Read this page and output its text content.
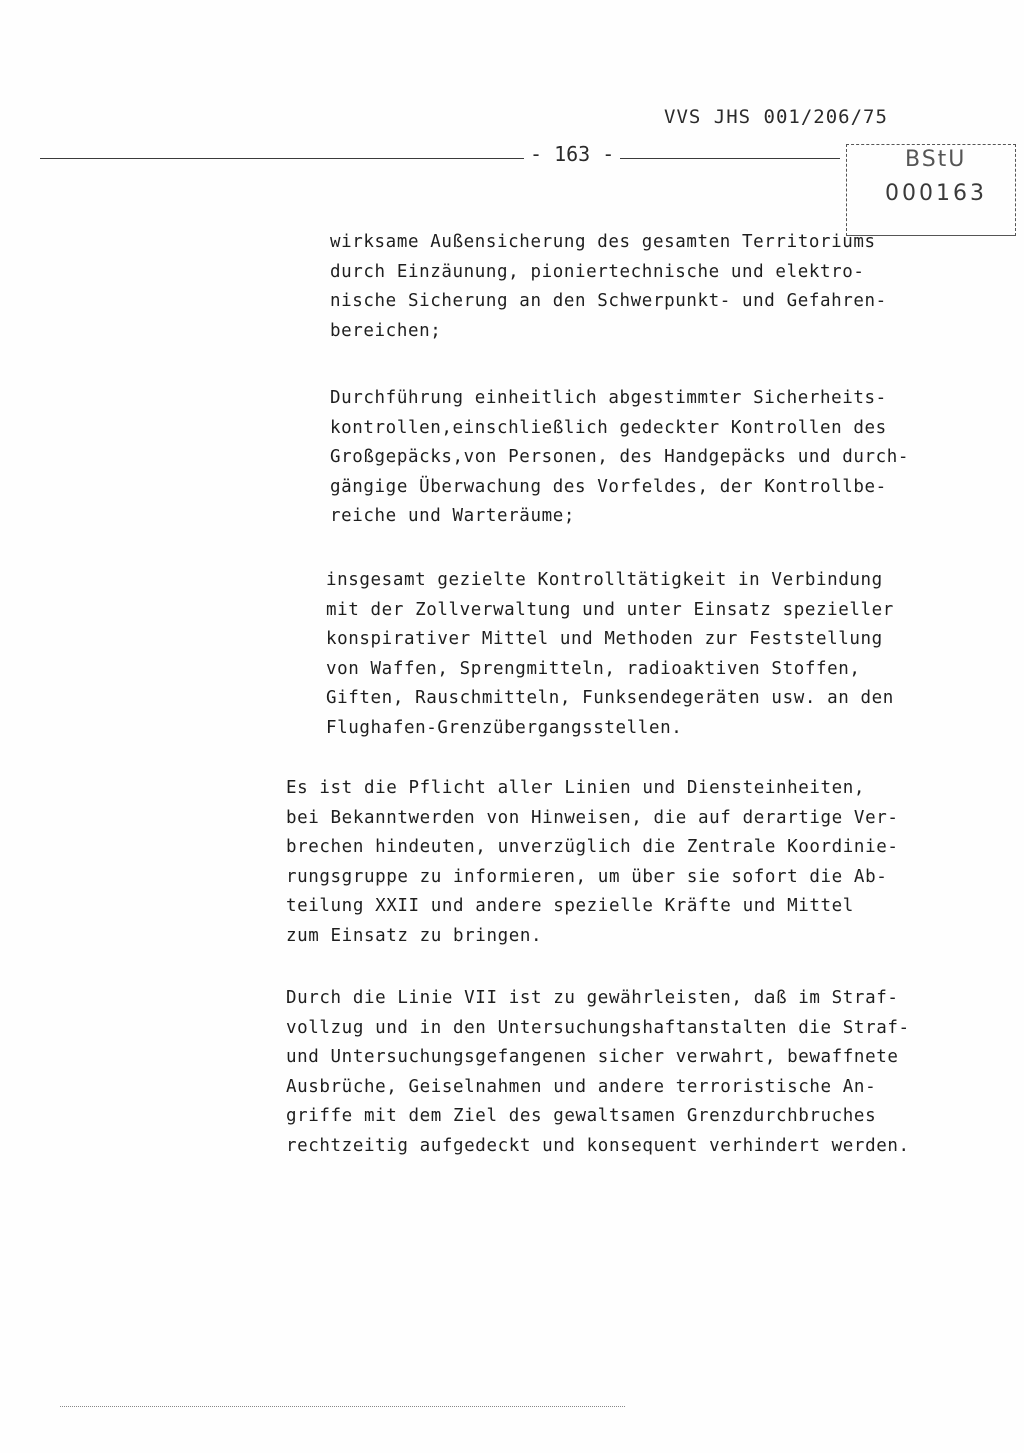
VVS JHS 001/206/75
- 163 -	BStU
000163
wirksame Außensicherung des gesamten Territoriums
durch Einzäunung, pioniertechnische und elektro-
nische Sicherung an den Schwerpunkt- und Gefahren-
bereichen;
Durchführung einheitlich abgestimmter Sicherheits-
kontrollen,einschließlich gedeckter Kontrollen des
Großgepäcks,von Personen, des Handgepäcks und durch-
gängige Überwachung des Vorfeldes, der Kontrollbe-
reiche und Warteräume;
insgesamt gezielte Kontrolltätigkeit in Verbindung
mit der Zollverwaltung und unter Einsatz spezieller
konspirativer Mittel und Methoden zur Feststellung
von Waffen, Sprengmitteln, radioaktiven Stoffen,
Giften, Rauschmitteln, Funksendegeräten usw. an den
Flughafen-Grenzübergangsstellen.
Es ist die Pflicht aller Linien und Diensteinheiten,
bei Bekanntwerden von Hinweisen, die auf derartige Ver-
brechen hindeuten, unverzüglich die Zentrale Koordinie-
rungsgruppe zu informieren, um über sie sofort die Ab-
teilung XXII und andere spezielle Kräfte und Mittel
zum Einsatz zu bringen.
Durch die Linie VII ist zu gewährleisten, daß im Straf-
vollzug und in den Untersuchungshaftanstalten die Straf-
und Untersuchungsgefangenen sicher verwahrt, bewaffnete
Ausbrüche, Geiselnahmen und andere terroristische An-
griffe mit dem Ziel des gewaltsamen Grenzdurchbruches
rechtzeitig aufgedeckt und konsequent verhindert werden.
